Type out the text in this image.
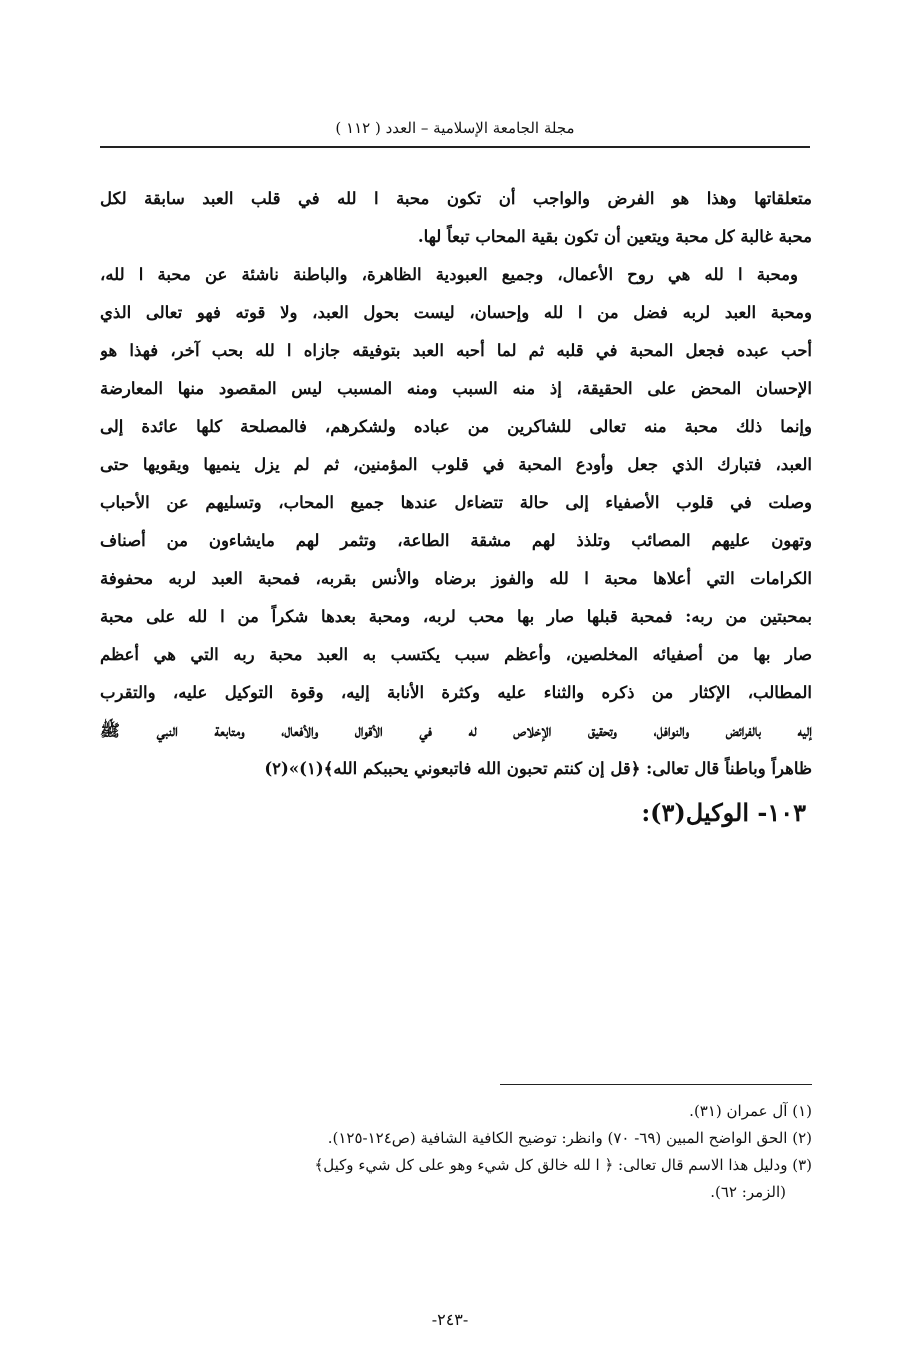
مجلة الجامعة الإسلامية – العدد ( ١١٢ )
متعلقاتها وهذا هو الفرض والواجب أن تكون محبة ا لله في قلب العبد سابقة لكل
محبة غالبة كل محبة ويتعين أن تكون بقية المحاب تبعاً لها.
ومحبة ا لله هي روح الأعمال، وجميع العبودية الظاهرة، والباطنة ناشئة عن محبة ا لله،
ومحبة العبد لربه فضل من ا لله وإحسان، ليست بحول العبد، ولا قوته فهو تعالى الذي
أحب عبده فجعل المحبة في قلبه ثم لما أحبه العبد بتوفيقه جازاه ا لله بحب آخر، فهذا هو
الإحسان المحض على الحقيقة، إذ منه السبب ومنه المسبب ليس المقصود منها المعارضة
وإنما ذلك محبة منه تعالى للشاكرين من عباده ولشكرهم، فالمصلحة كلها عائدة إلى
العبد، فتبارك الذي جعل وأودع المحبة في قلوب المؤمنين، ثم لم يزل ينميها ويقويها حتى
وصلت في قلوب الأصفياء إلى حالة تتضاءل عندها جميع المحاب، وتسليهم عن الأحباب
وتهون عليهم المصائب وتلذذ لهم مشقة الطاعة، وتثمر لهم مايشاءون من أصناف
الكرامات التي أعلاها محبة ا لله والفوز برضاه والأنس بقربه، فمحبة العبد لربه محفوفة
بمحبتين من ربه: فمحبة قبلها صار بها محب لربه، ومحبة بعدها شكراً من ا لله على محبة
صار بها من أصفيائه المخلصين، وأعظم سبب يكتسب به العبد محبة ربه التي هي أعظم
المطالب، الإكثار من ذكره والثناء عليه وكثرة الأنابة إليه، وقوة التوكيل عليه، والتقرب
إليه بالفرائض والنوافل، وتحقيق الإخلاص له في الأقوال والأفعال، ومتابعة النبي ﷺ
ظاهراً وباطناً قال تعالى: ﴿قل إن كنتم تحبون الله فاتبعوني يحببكم الله﴾(١)»(٢)
١٠٣- الوكيل(٣):
(١) آل عمران (٣١).
(٢) الحق الواضح المبين (٦٩- ٧٠) وانظر: توضيح الكافية الشافية (ص١٢٤-١٢٥).
(٣) ودليل هذا الاسم قال تعالى: ﴿ ا لله خالق كل شيء وهو على كل شيء وكيل﴾
(الزمر: ٦٢).
-٢٤٣-
